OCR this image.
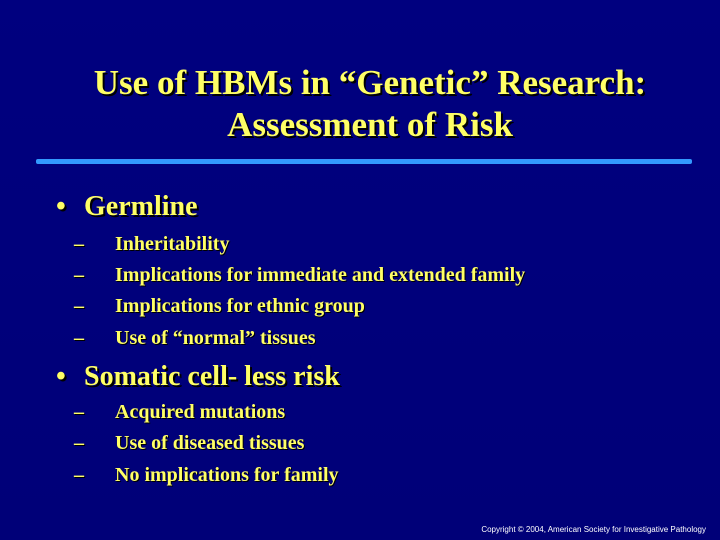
Use of HBMs in “Genetic” Research:
Assessment of Risk
• Germline
– Inheritability
– Implications for immediate and extended family
– Implications for ethnic group
– Use of “normal” tissues
• Somatic cell- less risk
– Acquired mutations
– Use of diseased tissues
– No implications for family
Copyright © 2004, American Society for Investigative Pathology
